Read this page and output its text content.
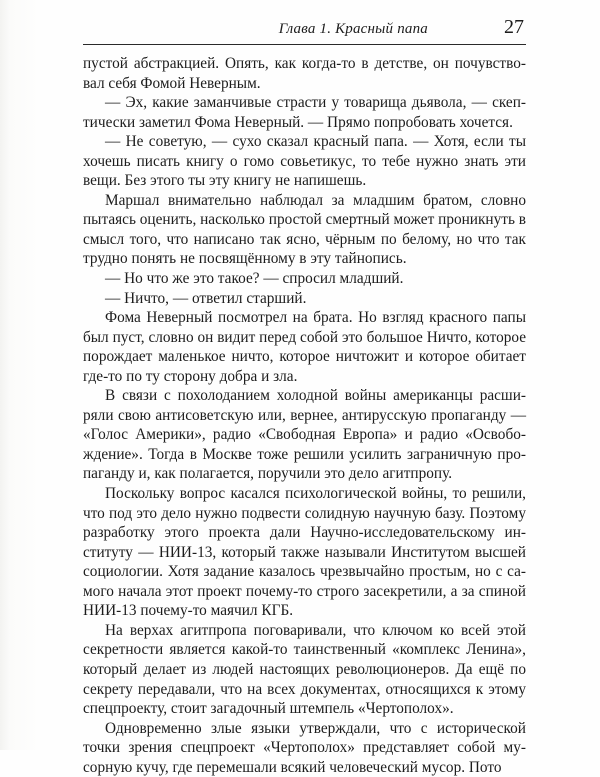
Глава 1. Красный папа	27

пустой абстракцией. Опять, как когда-то в детстве, он почувствовал себя Фомой Неверным.

— Эх, какие заманчивые страсти у товарища дьявола, — скептически заметил Фома Неверный. — Прямо попробовать хочется.

— Не советую, — сухо сказал красный папа. — Хотя, если ты хочешь писать книгу о гомо совьетикус, то тебе нужно знать эти вещи. Без этого ты эту книгу не напишешь.

Маршал внимательно наблюдал за младшим братом, словно пытаясь оценить, насколько простой смертный может проникнуть в смысл того, что написано так ясно, чёрным по белому, но что так трудно понять не посвящённому в эту тайнопись.

— Но что же это такое? — спросил младший.

— Ничто, — ответил старший.

Фома Неверный посмотрел на брата. Но взгляд красного папы был пуст, словно он видит перед собой это большое Ничто, которое порождает маленькое ничто, которое ничтожит и которое обитает где-то по ту сторону добра и зла.

В связи с похолоданием холодной войны американцы расширяли свою антисоветскую или, вернее, антирусскую пропаганду — «Голос Америки», радио «Свободная Европа» и радио «Освобождение». Тогда в Москве тоже решили усилить заграничную пропаганду и, как полагается, поручили это дело агитпропу.

Поскольку вопрос касался психологической войны, то решили, что под это дело нужно подвести солидную научную базу. Поэтому разработку этого проекта дали Научно-исследовательскому институту — НИИ-13, который также называли Институтом высшей социологии. Хотя задание казалось чрезвычайно простым, но с самого начала этот проект почему-то строго засекретили, а за спиной НИИ-13 почему-то маячил КГБ.

На верхах агитпропа поговаривали, что ключом ко всей этой секретности является какой-то таинственный «комплекс Ленина», который делает из людей настоящих революционеров. Да ещё по секрету передавали, что на всех документах, относящихся к этому спецпроекту, стоит загадочный штемпель «Чертополох».

Одновременно злые языки утверждали, что с исторической точки зрения спецпроект «Чертополох» представляет собой мусорную кучу, где перемешали всякий человеческий мусор. Пото
